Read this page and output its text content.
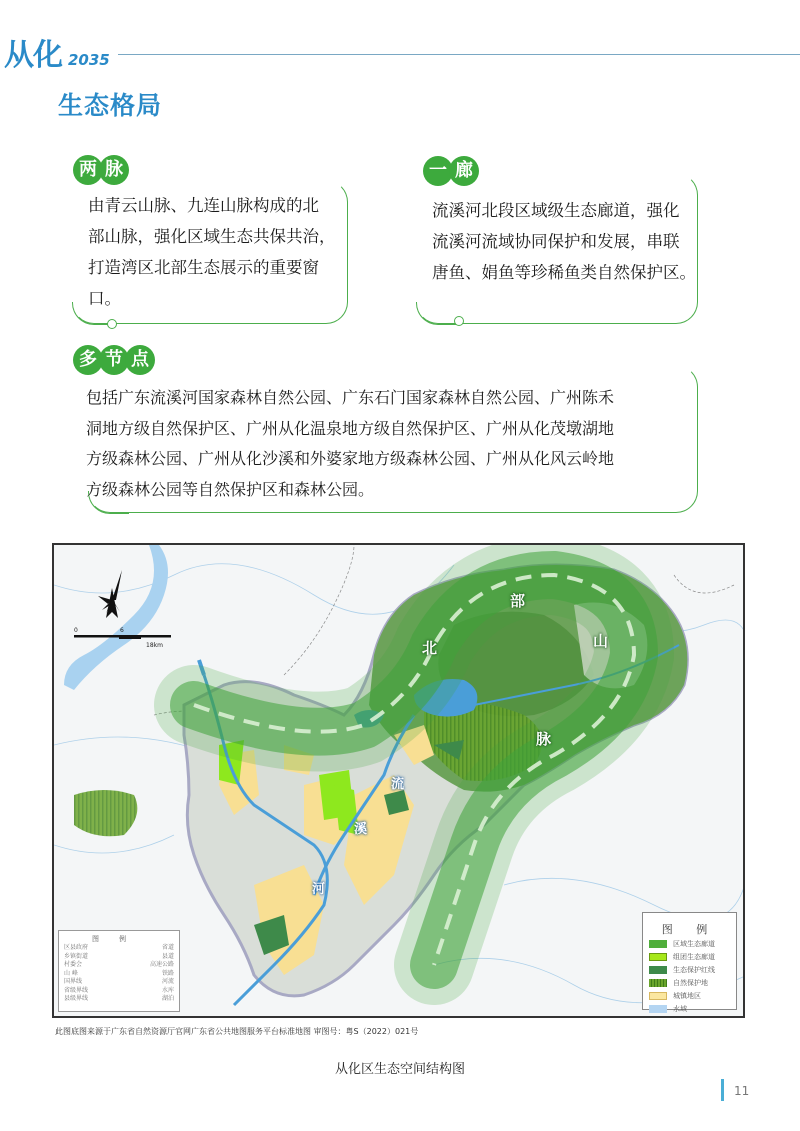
从化 2035
生态格局
两 脉
由青云山脉、九连山脉构成的北
部山脉，强化区域生态共保共治，
打造湾区北部生态展示的重要窗
口。
一 廊
流溪河北段区域级生态廊道，强化
流溪河流域协同保护和发展，串联
唐鱼、娟鱼等珍稀鱼类自然保护区。
多 节 点
包括广东流溪河国家森林自然公园、广东石门国家森林自然公园、广州陈禾
洞地方级自然保护区、广州从化温泉地方级自然保护区、广州从化茂墩湖地
方级森林公园、广州从化沙溪和外婆家地方级森林公园、广州从化风云岭地
方级森林公园等自然保护区和森林公园。
0	6
18km	北
部
山
脉
流
溪
河
图例
区县政府	省道
乡镇街道	县道
村委会	高速公路
山 峰	铁路
国界线	河流
省级界线	水库
县级界线	湖泊
图 例
区域生态廊道
组团生态廊道
生态保护红线
自然保护地
城镇地区
水域
此图底图来源于广东省自然资源厅官网广东省公共地图服务平台标准地图 审图号：粤S（2022）021号
从化区生态空间结构图
11
